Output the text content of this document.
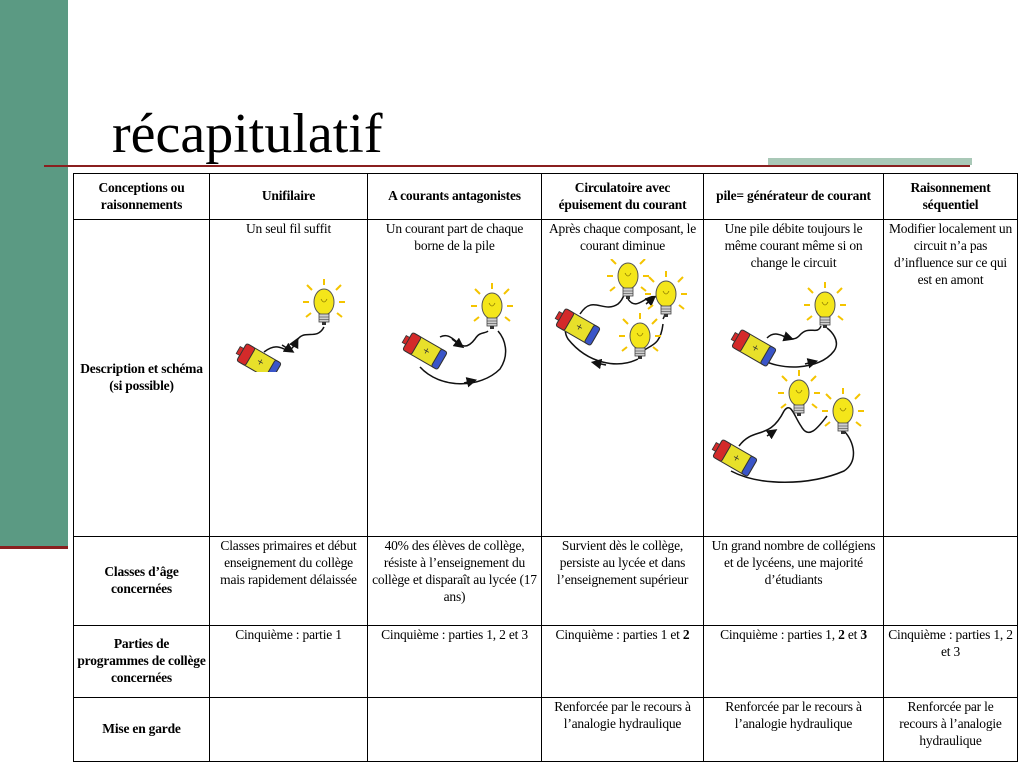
récapitulatif
Conceptions ou raisonnements	Unifilaire	A courants antagonistes	Circulatoire avec épuisement du courant	pile= générateur de courant	Raisonnement séquentiel
Description et schéma (si possible)	Un seul fil suffit	Un courant part de chaque borne de la pile	Après chaque composant, le courant diminue	Une pile débite toujours le même courant même si on change le circuit	Modifier localement un circuit n’a pas d’influence sur ce qui est en amont

Classes d’âge concernées	Classes primaires et début enseignement du collège mais rapidement délaissée	40% des élèves de collège, résiste à l’enseignement du collège et disparaît au lycée (17 ans)	Survient dès le collège, persiste au lycée et dans l’enseignement supérieur	Un grand nombre de collégiens et de lycéens, une majorité d’étudiants	
Parties de programmes de collège concernées	Cinquième : partie 1	Cinquième : parties 1, 2 et 3	Cinquième : parties 1 et 2	Cinquième : parties 1, 2 et 3	Cinquième : parties 1, 2 et 3
Mise en garde			Renforcée par le recours à l’analogie hydraulique	Renforcée par le recours à l’analogie hydraulique	Renforcée par le recours à l’analogie hydraulique
